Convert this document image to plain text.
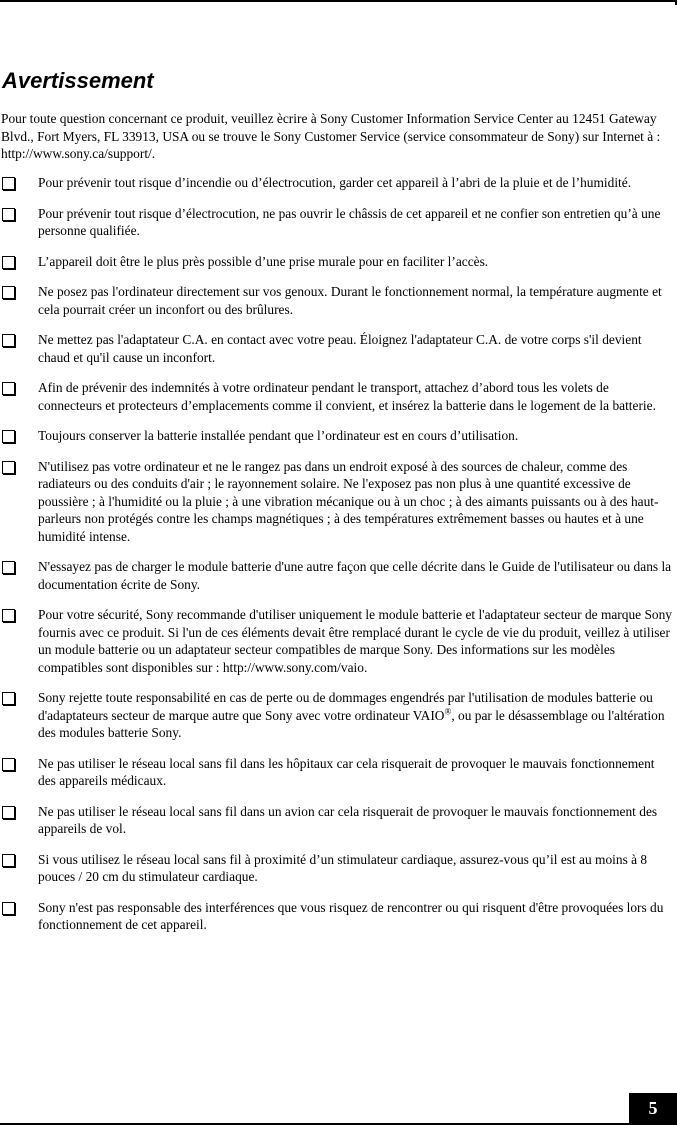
Avertissement

Pour toute question concernant ce produit, veuillez ècrire à Sony Customer Information Service Center au 12451 Gateway Blvd., Fort Myers, FL 33913, USA ou se trouve le Sony Customer Service (service consommateur de Sony) sur Internet à : http://www.sony.ca/support/.

Pour prévenir tout risque d’incendie ou d’électrocution, garder cet appareil à l’abri de la pluie et de l’humidité.
Pour prévenir tout risque d’électrocution, ne pas ouvrir le châssis de cet appareil et ne confier son entretien qu’à une personne qualifiée.
L’appareil doit être le plus près possible d’une prise murale pour en faciliter l’accès.
Ne posez pas l'ordinateur directement sur vos genoux. Durant le fonctionnement normal, la température augmente et cela pourrait créer un inconfort ou des brûlures.
Ne mettez pas l'adaptateur C.A. en contact avec votre peau. Éloignez l'adaptateur C.A. de votre corps s'il devient chaud et qu'il cause un inconfort.
Afin de prévenir des indemnités à votre ordinateur pendant le transport, attachez d’abord tous les volets de connecteurs et protecteurs d’emplacements comme il convient, et insérez la batterie dans le logement de la batterie.
Toujours conserver la batterie installée pendant que l’ordinateur est en cours d’utilisation.
N'utilisez pas votre ordinateur et ne le rangez pas dans un endroit exposé à des sources de chaleur, comme des radiateurs ou des conduits d'air ; le rayonnement solaire. Ne l'exposez pas non plus à une quantité excessive de poussière ; à l'humidité ou la pluie ; à une vibration mécanique ou à un choc ; à des aimants puissants ou à des haut-parleurs non protégés contre les champs magnétiques ; à des températures extrêmement basses ou hautes et à une humidité intense.
N'essayez pas de charger le module batterie d'une autre façon que celle décrite dans le Guide de l'utilisateur ou dans la documentation écrite de Sony.
Pour votre sécurité, Sony recommande d'utiliser uniquement le module batterie et l'adaptateur secteur de marque Sony fournis avec ce produit. Si l'un de ces éléments devait être remplacé durant le cycle de vie du produit, veillez à utiliser un module batterie ou un adaptateur secteur compatibles de marque Sony. Des informations sur les modèles compatibles sont disponibles sur : http://www.sony.com/vaio.
Sony rejette toute responsabilité en cas de perte ou de dommages engendrés par l'utilisation de modules batterie ou d'adaptateurs secteur de marque autre que Sony avec votre ordinateur VAIO®, ou par le désassemblage ou l'altération des modules batterie Sony.
Ne pas utiliser le réseau local sans fil dans les hôpitaux car cela risquerait de provoquer le mauvais fonctionnement des appareils médicaux.
Ne pas utiliser le réseau local sans fil dans un avion car cela risquerait de provoquer le mauvais fonctionnement des appareils de vol.
Si vous utilisez le réseau local sans fil à proximité d’un stimulateur cardiaque, assurez-vous qu’il est au moins à 8 pouces / 20 cm du stimulateur cardiaque.
Sony n'est pas responsable des interférences que vous risquez de rencontrer ou qui risquent d'être provoquées lors du fonctionnement de cet appareil.
5
